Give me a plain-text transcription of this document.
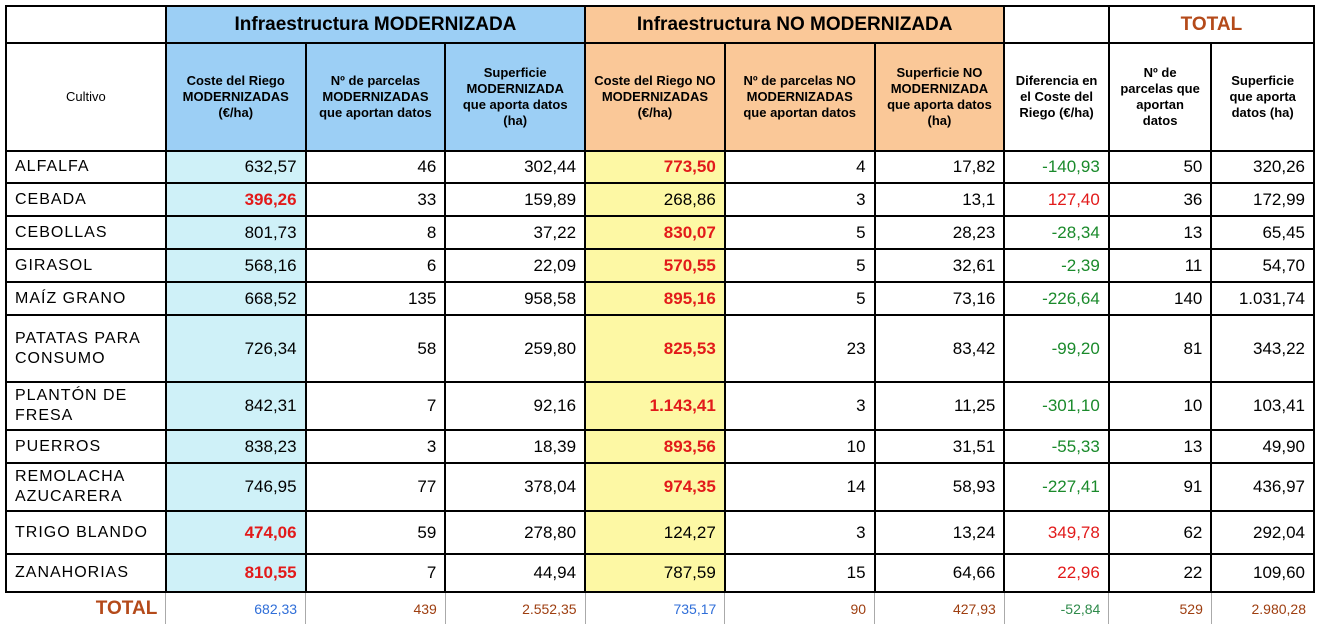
	Infraestructura MODERNIZADA			Infraestructura NO MODERNIZADA				TOTAL	
Cultivo	Coste del Riego MODERNIZADAS (€/ha)	Nº de parcelas MODERNIZADAS que aportan datos	Superficie MODERNIZADA que aporta datos (ha)	Coste del Riego NO MODERNIZADAS (€/ha)	Nº de parcelas NO MODERNIZADAS que aportan datos	Superficie NO MODERNIZADA que aporta datos (ha)	Diferencia en el Coste del Riego (€/ha)	Nº de parcelas que aportan datos	Superficie que aporta datos (ha)
ALFALFA	632,57	46	302,44	773,50	4	17,82	-140,93	50	320,26
CEBADA	396,26	33	159,89	268,86	3	13,1	127,40	36	172,99
CEBOLLAS	801,73	8	37,22	830,07	5	28,23	-28,34	13	65,45
GIRASOL	568,16	6	22,09	570,55	5	32,61	-2,39	11	54,70
MAÍZ GRANO	668,52	135	958,58	895,16	5	73,16	-226,64	140	1.031,74
PATATAS PARA CONSUMO	726,34	58	259,80	825,53	23	83,42	-99,20	81	343,22
PLANTÓN DE FRESA	842,31	7	92,16	1.143,41	3	11,25	-301,10	10	103,41
PUERROS	838,23	3	18,39	893,56	10	31,51	-55,33	13	49,90
REMOLACHA AZUCARERA	746,95	77	378,04	974,35	14	58,93	-227,41	91	436,97
TRIGO BLANDO	474,06	59	278,80	124,27	3	13,24	349,78	62	292,04
ZANAHORIAS	810,55	7	44,94	787,59	15	64,66	22,96	22	109,60
TOTAL	682,33	439	2.552,35	735,17	90	427,93	-52,84	529	2.980,28
